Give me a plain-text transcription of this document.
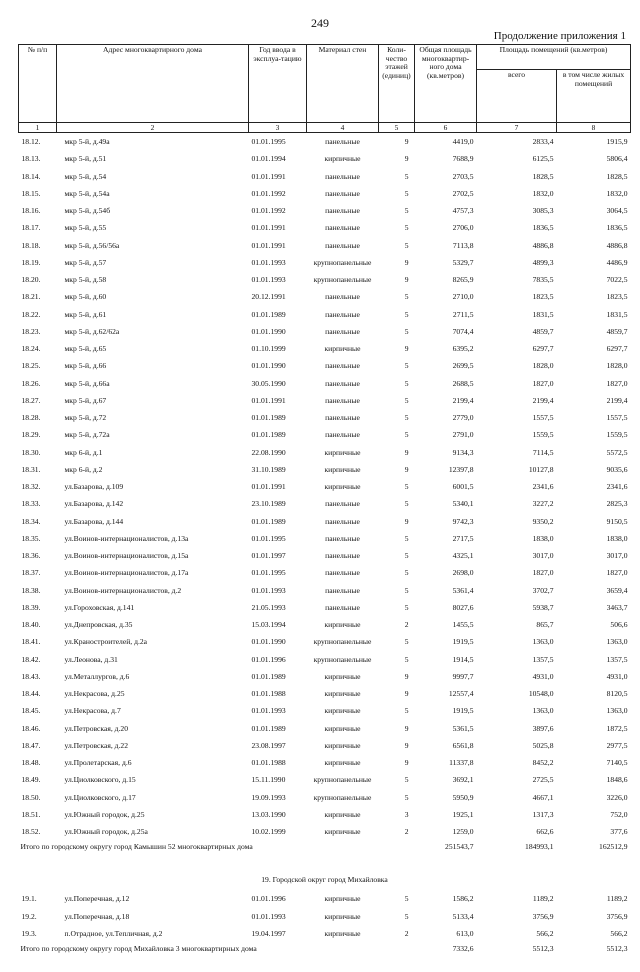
249
Продолжение приложения 1
№ п/п	Адрес многоквартирного дома	Год ввода в эксплуа-тацию	Материал стен	Коли-чество этажей (единиц)	Общая площадь многоквартир-ного дома (кв.метров)	Площадь помещений (кв.метров)	
						всего	в том числе жилых помещений
1	2	3	4	5	6	7	8
18.12.	мкр 5-й, д.49а	01.01.1995	панельные	9	4419,0	2833,4	1915,9
18.13.	мкр 5-й, д.51	01.01.1994	кирпичные	9	7688,9	6125,5	5806,4
18.14.	мкр 5-й, д.54	01.01.1991	панельные	5	2703,5	1828,5	1828,5
18.15.	мкр 5-й, д.54а	01.01.1992	панельные	5	2702,5	1832,0	1832,0
18.16.	мкр 5-й, д.54б	01.01.1992	панельные	5	4757,3	3085,3	3064,5
18.17.	мкр 5-й, д.55	01.01.1991	панельные	5	2706,0	1836,5	1836,5
18.18.	мкр 5-й, д.56/56а	01.01.1991	панельные	5	7113,8	4886,8	4886,8
18.19.	мкр 5-й, д.57	01.01.1993	крупнопанельные	9	5329,7	4899,3	4486,9
18.20.	мкр 5-й, д.58	01.01.1993	крупнопанельные	9	8265,9	7835,5	7022,5
18.21.	мкр 5-й, д.60	20.12.1991	панельные	5	2710,0	1823,5	1823,5
18.22.	мкр 5-й, д.61	01.01.1989	панельные	5	2711,5	1831,5	1831,5
18.23.	мкр 5-й, д.62/62а	01.01.1990	панельные	5	7074,4	4859,7	4859,7
18.24.	мкр 5-й, д.65	01.10.1999	кирпичные	9	6395,2	6297,7	6297,7
18.25.	мкр 5-й, д.66	01.01.1990	панельные	5	2699,5	1828,0	1828,0
18.26.	мкр 5-й, д.66а	30.05.1990	панельные	5	2688,5	1827,0	1827,0
18.27.	мкр 5-й, д.67	01.01.1991	панельные	5	2199,4	2199,4	2199,4
18.28.	мкр 5-й, д.72	01.01.1989	панельные	5	2779,0	1557,5	1557,5
18.29.	мкр 5-й, д.72а	01.01.1989	панельные	5	2791,0	1559,5	1559,5
18.30.	мкр 6-й, д.1	22.08.1990	кирпичные	9	9134,3	7114,5	5572,5
18.31.	мкр 6-й, д.2	31.10.1989	кирпичные	9	12397,8	10127,8	9035,6
18.32.	ул.Базарова, д.109	01.01.1991	кирпичные	5	6001,5	2341,6	2341,6
18.33.	ул.Базарова, д.142	23.10.1989	панельные	5	5340,1	3227,2	2825,3
18.34.	ул.Базарова, д.144	01.01.1989	панельные	9	9742,3	9350,2	9150,5
18.35.	ул.Воинов-интернационалистов, д.13а	01.01.1995	панельные	5	2717,5	1838,0	1838,0
18.36.	ул.Воинов-интернационалистов, д.15а	01.01.1997	панельные	5	4325,1	3017,0	3017,0
18.37.	ул.Воинов-интернационалистов, д.17а	01.01.1995	панельные	5	2698,0	1827,0	1827,0
18.38.	ул.Воинов-интернационалистов, д.2	01.01.1993	панельные	5	5361,4	3702,7	3659,4
18.39.	ул.Гороховская, д.141	21.05.1993	панельные	5	8027,6	5938,7	3463,7
18.40.	ул.Днепровская, д.35	15.03.1994	кирпичные	2	1455,5	865,7	506,6
18.41.	ул.Краностроителей, д.2а	01.01.1990	крупнопанельные	5	1919,5	1363,0	1363,0
18.42.	ул.Леонова, д.31	01.01.1996	крупнопанельные	5	1914,5	1357,5	1357,5
18.43.	ул.Металлургов, д.6	01.01.1989	кирпичные	9	9997,7	4931,0	4931,0
18.44.	ул.Некрасова, д.25	01.01.1988	кирпичные	9	12557,4	10548,0	8120,5
18.45.	ул.Некрасова, д.7	01.01.1993	кирпичные	5	1919,5	1363,0	1363,0
18.46.	ул.Петровская, д.20	01.01.1989	кирпичные	9	5361,5	3897,6	1872,5
18.47.	ул.Петровская, д.22	23.08.1997	кирпичные	9	6561,8	5025,8	2977,5
18.48.	ул.Пролетарская, д.6	01.01.1988	кирпичные	9	11337,8	8452,2	7140,5
18.49.	ул.Циолковского, д.15	15.11.1990	крупнопанельные	5	3692,1	2725,5	1848,6
18.50.	ул.Циолковского, д.17	19.09.1993	крупнопанельные	5	5950,9	4667,1	3226,0
18.51.	ул.Южный городок, д.25	13.03.1990	кирпичные	3	1925,1	1317,3	752,0
18.52.	ул.Южный городок, д.25а	10.02.1999	кирпичные	2	1259,0	662,6	377,6
Итого по городскому округу город Камышин 52 многоквартирных дома					251543,7	184993,1	162512,9
19. Городской округ город Михайловка							
19.1.	ул.Поперечная, д.12	01.01.1996	кирпичные	5	1586,2	1189,2	1189,2
19.2.	ул.Поперечная, д.18	01.01.1993	кирпичные	5	5133,4	3756,9	3756,9
19.3.	п.Отрадное, ул.Тепличная, д.2	19.04.1997	кирпичные	2	613,0	566,2	566,2
Итого по городскому округу город Михайловка 3 многоквартирных дома					7332,6	5512,3	5512,3
